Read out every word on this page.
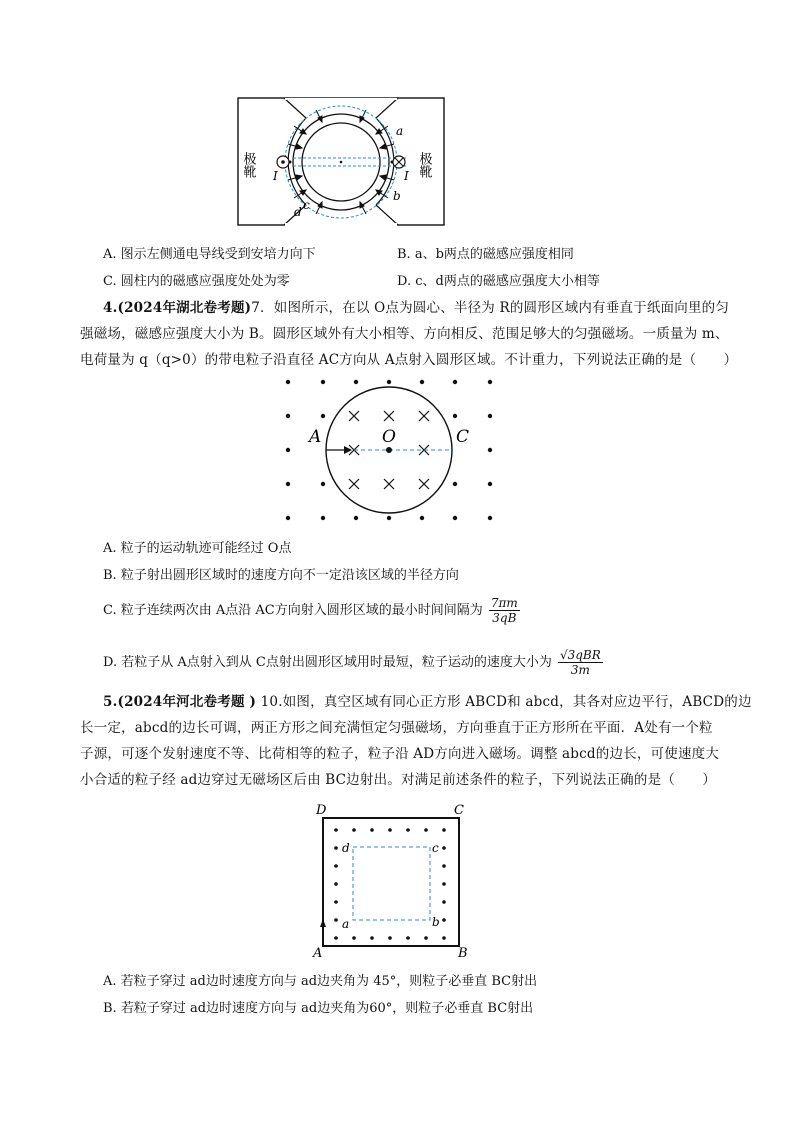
极靴	极靴
a
b
c
d
I	I
A. 图示左侧通电导线受到安培力向下	B. a、b两点的磁感应强度相同
C. 圆柱内的磁感应强度处处为零	D. c、d两点的磁感应强度大小相等
4.(2024年湖北卷考题)7．如图所示，在以 O点为圆心、半径为 R的圆形区域内有垂直于纸面向里的匀
强磁场，磁感应强度大小为 B。圆形区域外有大小相等、方向相反、范围足够大的匀强磁场。一质量为 m、
电荷量为 q（q>0）的带电粒子沿直径 AC方向从 A点射入圆形区域。不计重力，下列说法正确的是（　　）
A	O	C
A. 粒子的运动轨迹可能经过 O点
B. 粒子射出圆形区域时的速度方向不一定沿该区域的半径方向
C. 粒子连续两次由 A点沿 AC方向射入圆形区域的最小时间间隔为 $\frac{7\pi m}{3qB}$
D. 若粒子从 A点射入到从 C点射出圆形区域用时最短，粒子运动的速度大小为 $\frac{\text{√3qBR}}{3m}$
5.(2024年河北卷考题 ) 10.如图，真空区域有同心正方形 ABCD和 abcd，其各对应边平行，ABCD的边
长一定，abcd的边长可调，两正方形之间充满恒定匀强磁场，方向垂直于正方形所在平面．A处有一个粒
子源，可逐个发射速度不等、比荷相等的粒子，粒子沿 AD方向进入磁场。调整 abcd的边长，可使速度大
小合适的粒子经 ad边穿过无磁场区后由 BC边射出。对满足前述条件的粒子，下列说法正确的是（　　）
D	C
A	B
d	c
a	b
A. 若粒子穿过 ad边时速度方向与 ad边夹角为 45°，则粒子必垂直 BC射出
B. 若粒子穿过 ad边时速度方向与 ad边夹角为60°，则粒子必垂直 BC射出
